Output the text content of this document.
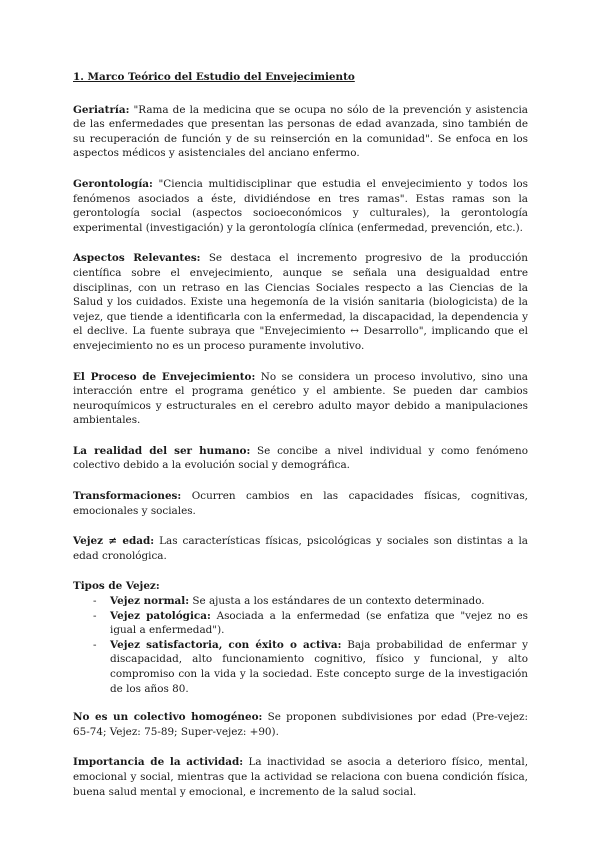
1. Marco Teórico del Estudio del Envejecimiento

Geriatría: "Rama de la medicina que se ocupa no sólo de la prevención y asistencia de las enfermedades que presentan las personas de edad avanzada, sino también de su recuperación de función y de su reinserción en la comunidad". Se enfoca en los aspectos médicos y asistenciales del anciano enfermo.

Gerontología: "Ciencia multidisciplinar que estudia el envejecimiento y todos los fenómenos asociados a éste, dividiéndose en tres ramas". Estas ramas son la gerontología social (aspectos socioeconómicos y culturales), la gerontología experimental (investigación) y la gerontología clínica (enfermedad, prevención, etc.).

Aspectos Relevantes: Se destaca el incremento progresivo de la producción científica sobre el envejecimiento, aunque se señala una desigualdad entre disciplinas, con un retraso en las Ciencias Sociales respecto a las Ciencias de la Salud y los cuidados. Existe una hegemonía de la visión sanitaria (biologicista) de la vejez, que tiende a identificarla con la enfermedad, la discapacidad, la dependencia y el declive. La fuente subraya que "Envejecimiento ↔ Desarrollo", implicando que el envejecimiento no es un proceso puramente involutivo.

El Proceso de Envejecimiento: No se considera un proceso involutivo, sino una interacción entre el programa genético y el ambiente. Se pueden dar cambios neuroquímicos y estructurales en el cerebro adulto mayor debido a manipulaciones ambientales.

La realidad del ser humano: Se concibe a nivel individual y como fenómeno colectivo debido a la evolución social y demográfica.

Transformaciones: Ocurren cambios en las capacidades físicas, cognitivas, emocionales y sociales.

Vejez ≠ edad: Las características físicas, psicológicas y sociales son distintas a la edad cronológica.

Tipos de Vejez:

- Vejez normal: Se ajusta a los estándares de un contexto determinado.
- Vejez patológica: Asociada a la enfermedad (se enfatiza que "vejez no es igual a enfermedad").
- Vejez satisfactoria, con éxito o activa: Baja probabilidad de enfermar y discapacidad, alto funcionamiento cognitivo, físico y funcional, y alto compromiso con la vida y la sociedad. Este concepto surge de la investigación de los años 80.

No es un colectivo homogéneo: Se proponen subdivisiones por edad (Pre-vejez: 65-74; Vejez: 75-89; Super-vejez: +90).

Importancia de la actividad: La inactividad se asocia a deterioro físico, mental, emocional y social, mientras que la actividad se relaciona con buena condición física, buena salud mental y emocional, e incremento de la salud social.
